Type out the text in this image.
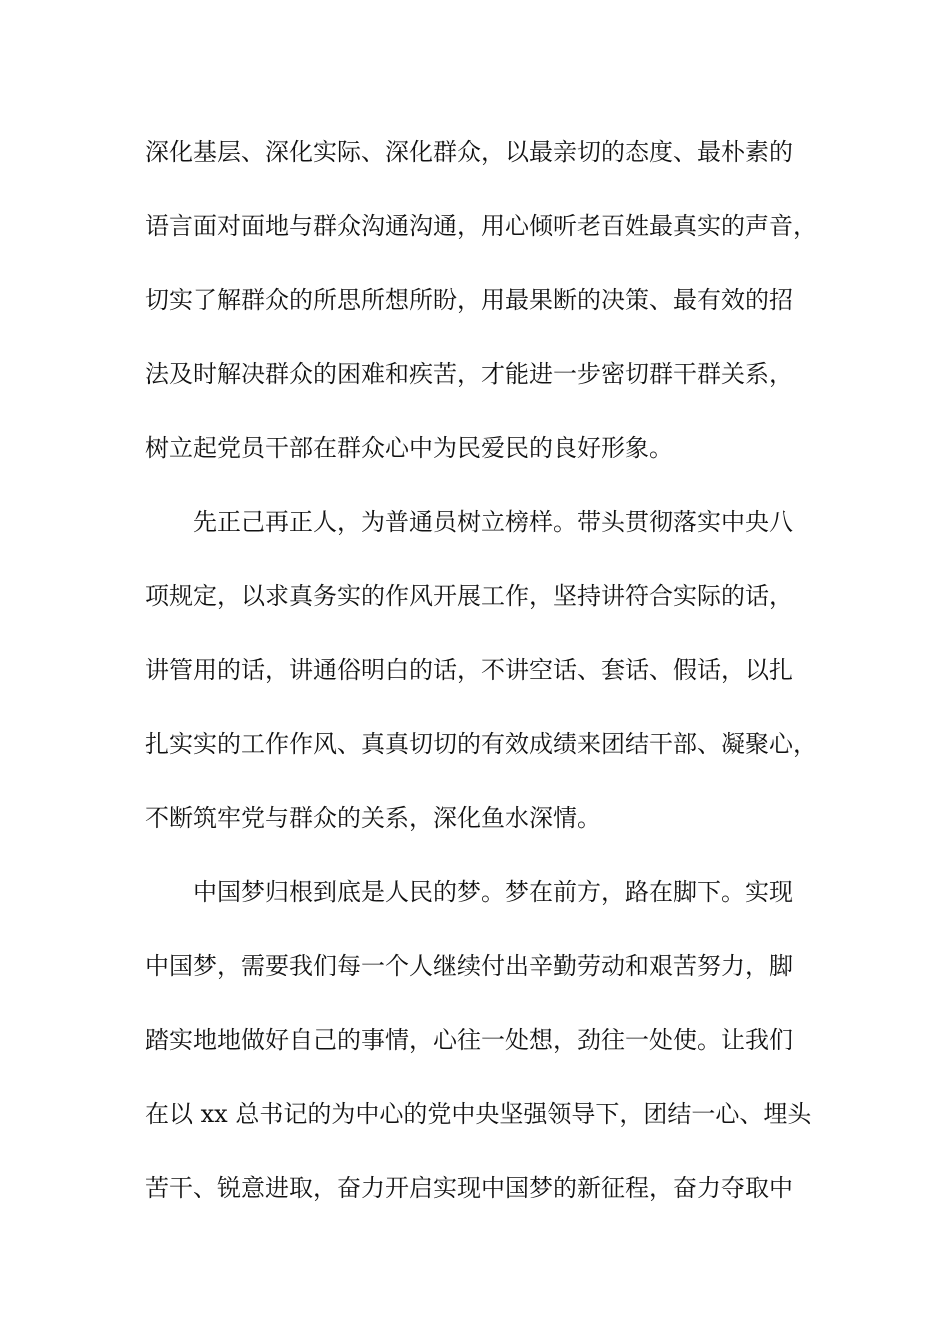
深化基层、深化实际、深化群众，以最亲切的态度、最朴素的
语言面对面地与群众沟通沟通，用心倾听老百姓最真实的声音，
切实了解群众的所思所想所盼，用最果断的决策、最有效的招
法及时解决群众的困难和疾苦，才能进一步密切群干群关系，
树立起党员干部在群众心中为民爱民的良好形象。
先正己再正人，为普通员树立榜样。带头贯彻落实中央八
项规定，以求真务实的作风开展工作，坚持讲符合实际的话，
讲管用的话，讲通俗明白的话，不讲空话、套话、假话，以扎
扎实实的工作作风、真真切切的有效成绩来团结干部、凝聚心，
不断筑牢党与群众的关系，深化鱼水深情。
中国梦归根到底是人民的梦。梦在前方，路在脚下。实现
中国梦，需要我们每一个人继续付出辛勤劳动和艰苦努力，脚
踏实地地做好自己的事情，心往一处想，劲往一处使。让我们
在以 xx 总书记的为中心的党中央坚强领导下，团结一心、埋头
苦干、锐意进取，奋力开启实现中国梦的新征程，奋力夺取中
